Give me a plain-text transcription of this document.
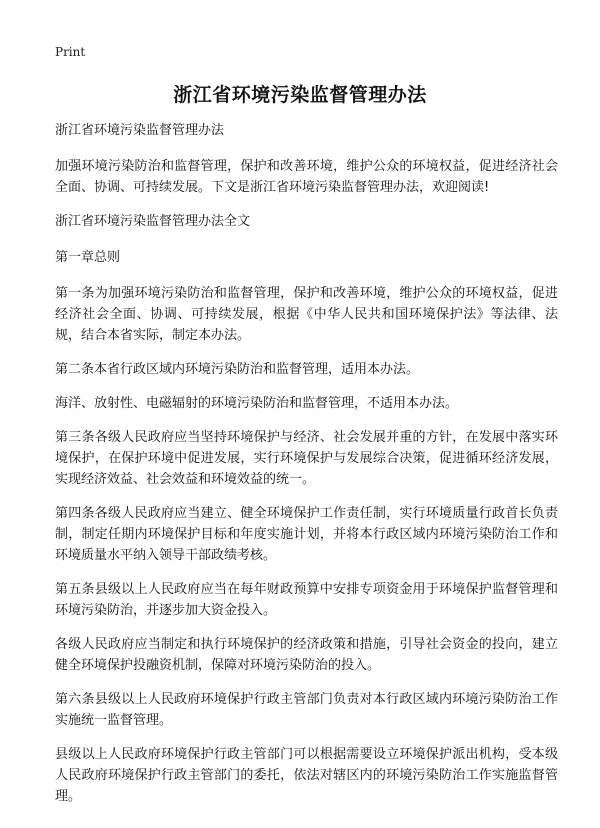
Print
浙江省环境污染监督管理办法

浙江省环境污染监督管理办法

加强环境污染防治和监督管理，保护和改善环境，维护公众的环境权益，促进经济社会全面、协调、可持续发展。下文是浙江省环境污染监督管理办法，欢迎阅读!

浙江省环境污染监督管理办法全文

第一章总则

第一条为加强环境污染防治和监督管理，保护和改善环境，维护公众的环境权益，促进经济社会全面、协调、可持续发展，根据《中华人民共和国环境保护法》等法律、法规，结合本省实际，制定本办法。

第二条本省行政区域内环境污染防治和监督管理，适用本办法。

海洋、放射性、电磁辐射的环境污染防治和监督管理，不适用本办法。

第三条各级人民政府应当坚持环境保护与经济、社会发展并重的方针，在发展中落实环境保护，在保护环境中促进发展，实行环境保护与发展综合决策，促进循环经济发展，实现经济效益、社会效益和环境效益的统一。

第四条各级人民政府应当建立、健全环境保护工作责任制，实行环境质量行政首长负责制，制定任期内环境保护目标和年度实施计划，并将本行政区域内环境污染防治工作和环境质量水平纳入领导干部政绩考核。

第五条县级以上人民政府应当在每年财政预算中安排专项资金用于环境保护监督管理和环境污染防治，并逐步加大资金投入。

各级人民政府应当制定和执行环境保护的经济政策和措施，引导社会资金的投向，建立健全环境保护投融资机制，保障对环境污染防治的投入。

第六条县级以上人民政府环境保护行政主管部门负责对本行政区域内环境污染防治工作实施统一监督管理。

县级以上人民政府环境保护行政主管部门可以根据需要设立环境保护派出机构，受本级人民政府环境保护行政主管部门的委托，依法对辖区内的环境污染防治工作实施监督管理。
